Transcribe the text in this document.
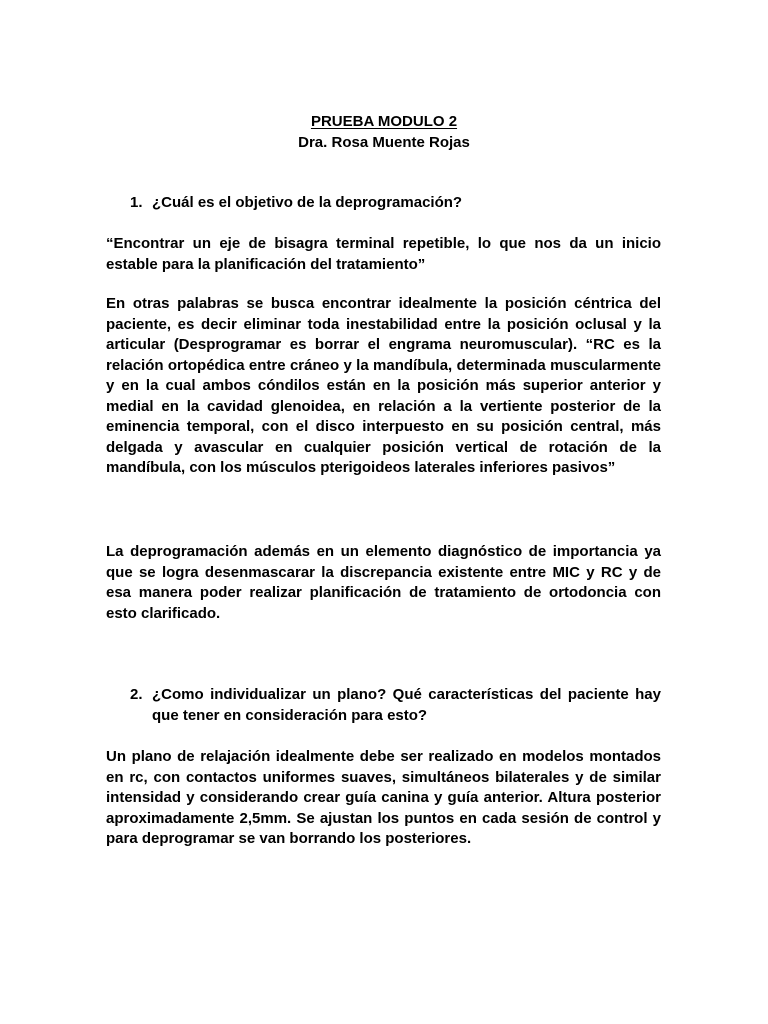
PRUEBA MODULO 2
Dra. Rosa Muente Rojas
1. ¿Cuál es el objetivo de la deprogramación?

“Encontrar un eje de bisagra terminal repetible, lo que nos da un inicio estable para la planificación del tratamiento”

En otras palabras se busca encontrar idealmente la posición céntrica del paciente, es decir eliminar toda inestabilidad entre la posición oclusal y la articular (Desprogramar es borrar el engrama neuromuscular). “RC es la relación ortopédica entre cráneo y la mandíbula, determinada muscularmente y en la cual ambos cóndilos están en la posición más superior anterior y medial en la cavidad glenoidea, en relación a la vertiente posterior de la eminencia temporal, con el disco interpuesto en su posición central, más delgada y avascular en cualquier posición vertical de rotación de la mandíbula, con los músculos pterigoideos laterales inferiores pasivos”

La deprogramación además en un elemento diagnóstico de importancia ya que se logra desenmascarar la discrepancia existente entre MIC y RC y de esa manera poder realizar planificación de tratamiento de ortodoncia con esto clarificado.

2. ¿Como individualizar un plano? Qué características del paciente hay que tener en consideración para esto?

Un plano de relajación idealmente debe ser realizado en modelos montados en rc, con contactos uniformes suaves, simultáneos bilaterales y de similar intensidad y considerando crear guía canina y guía anterior. Altura posterior aproximadamente 2,5mm. Se ajustan los puntos en cada sesión de control y para deprogramar se van borrando los posteriores.
